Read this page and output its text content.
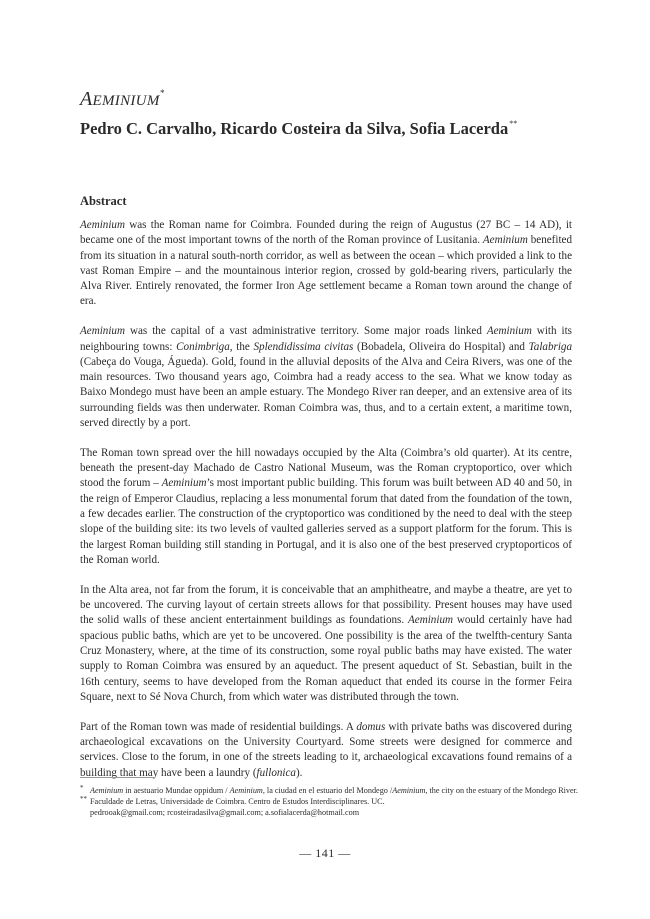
AEMINIUM*
Pedro C. Carvalho, Ricardo Costeira da Silva, Sofia Lacerda**
Abstract

Aeminium was the Roman name for Coimbra. Founded during the reign of Augustus (27 BC – 14 AD), it became one of the most important towns of the north of the Roman province of Lusitania. Aeminium benefited from its situation in a natural south-north corridor, as well as between the ocean – which provided a link to the vast Roman Empire – and the mountainous interior region, crossed by gold-bearing rivers, particularly the Alva River. Entirely renovated, the former Iron Age settlement became a Roman town around the change of era.

Aeminium was the capital of a vast administrative territory. Some major roads linked Aeminium with its neighbouring towns: Conimbriga, the Splendidissima civitas (Bobadela, Oliveira do Hospital) and Talabriga (Cabeça do Vouga, Águeda). Gold, found in the alluvial deposits of the Alva and Ceira Rivers, was one of the main resources. Two thousand years ago, Coimbra had a ready access to the sea. What we know today as Baixo Mondego must have been an ample estuary. The Mondego River ran deeper, and an extensive area of its surrounding fields was then underwater. Roman Coimbra was, thus, and to a certain extent, a maritime town, served directly by a port.

The Roman town spread over the hill nowadays occupied by the Alta (Coimbra’s old quarter). At its centre, beneath the present-day Machado de Castro National Museum, was the Roman cryptoportico, over which stood the forum – Aeminium’s most important public building. This forum was built between AD 40 and 50, in the reign of Emperor Claudius, replacing a less monumental forum that dated from the foundation of the town, a few decades earlier. The construction of the cryptoportico was conditioned by the need to deal with the steep slope of the building site: its two levels of vaulted galleries served as a support platform for the forum. This is the largest Roman building still standing in Portugal, and it is also one of the best preserved cryptoporticos of the Roman world.

In the Alta area, not far from the forum, it is conceivable that an amphitheatre, and maybe a theatre, are yet to be uncovered. The curving layout of certain streets allows for that possibility. Present houses may have used the solid walls of these ancient entertainment buildings as foundations. Aeminium would certainly have had spacious public baths, which are yet to be uncovered. One possibility is the area of the twelfth-century Santa Cruz Monastery, where, at the time of its construction, some royal public baths may have existed. The water supply to Roman Coimbra was ensured by an aqueduct. The present aqueduct of St. Sebastian, built in the 16th century, seems to have developed from the Roman aqueduct that ended its course in the former Feira Square, next to Sé Nova Church, from which water was distributed through the town.

Part of the Roman town was made of residential buildings. A domus with private baths was discovered during archaeological excavations on the University Courtyard. Some streets were designed for commerce and services. Close to the forum, in one of the streets leading to it, archaeological excavations found remains of a building that may have been a laundry (fullonica).

* Aeminium in aestuario Mundae oppidum / Aeminium, la ciudad en el estuario del Mondego /Aeminium, the city on the estuary of the Mondego River.

** Faculdade de Letras, Universidade de Coimbra. Centro de Estudos Interdisciplinares. UC.
pedrooak@gmail.com; rcosteiradasilva@gmail.com; a.sofialacerda@hotmail.com

— 141 —
